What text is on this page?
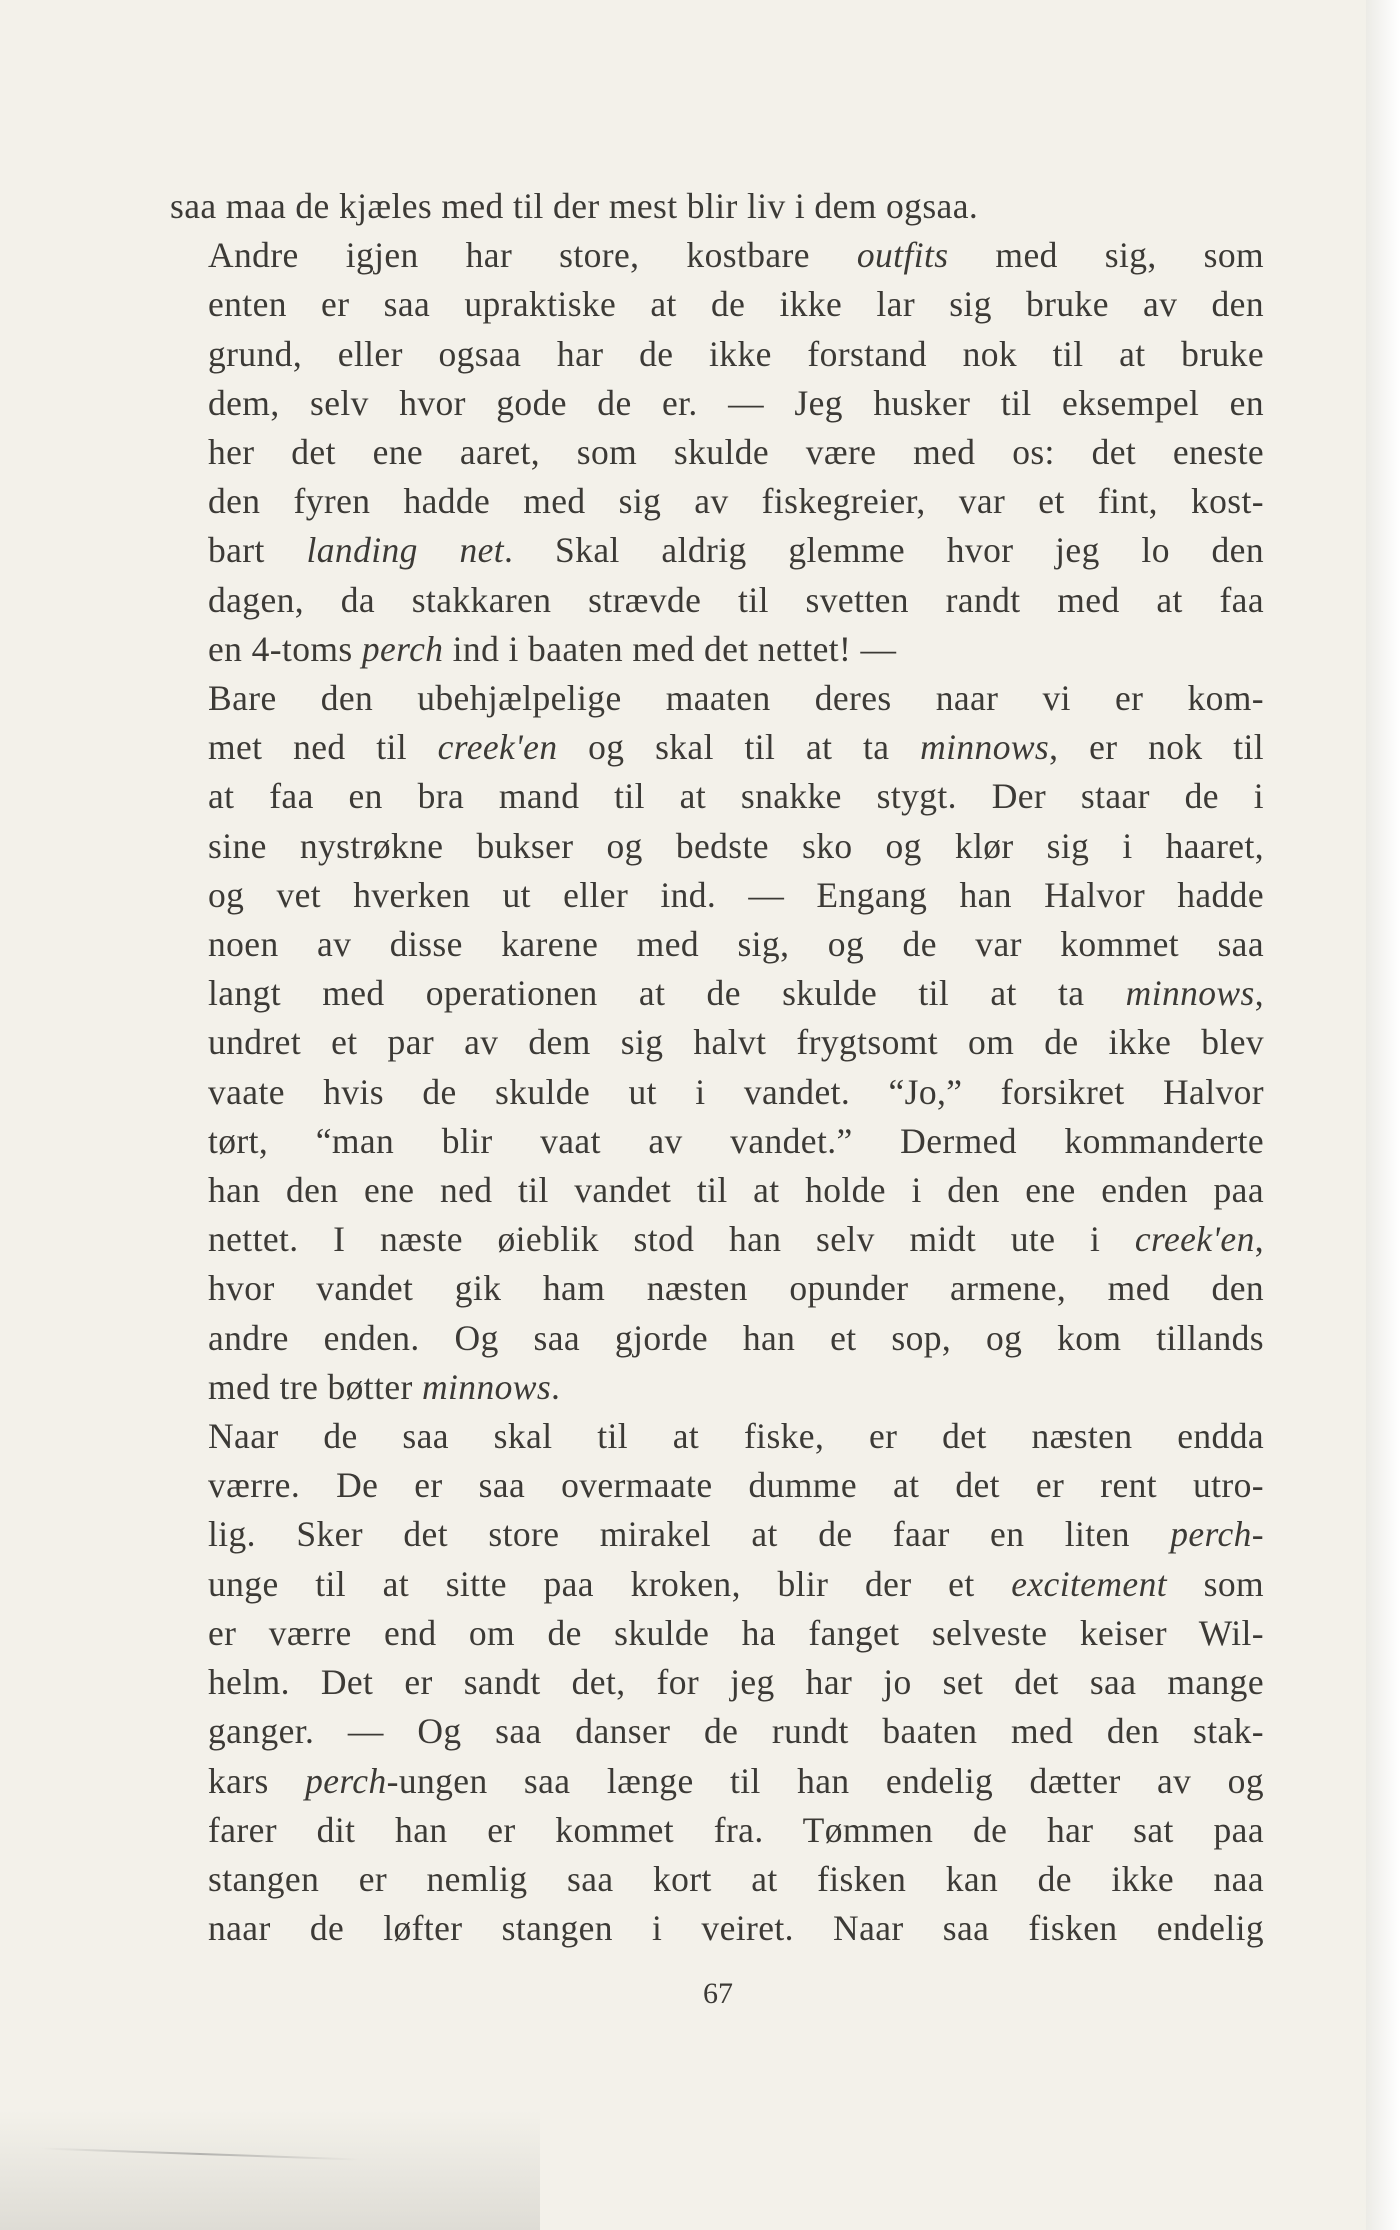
saa maa de kjæles med til der mest blir liv i dem ogsaa.
Andre igjen har store, kostbare outfits med sig, som
enten er saa upraktiske at de ikke lar sig bruke av den
grund, eller ogsaa har de ikke forstand nok til at bruke
dem, selv hvor gode de er. — Jeg husker til eksempel en
her det ene aaret, som skulde være med os: det eneste
den fyren hadde med sig av fiskegreier, var et fint, kost-
bart landing net. Skal aldrig glemme hvor jeg lo den
dagen, da stakkaren strævde til svetten randt med at faa
en 4-toms perch ind i baaten med det nettet! —
Bare den ubehjælpelige maaten deres naar vi er kom-
met ned til creek'en og skal til at ta minnows, er nok til
at faa en bra mand til at snakke stygt. Der staar de i
sine nystrøkne bukser og bedste sko og klør sig i haaret,
og vet hverken ut eller ind. — Engang han Halvor hadde
noen av disse karene med sig, og de var kommet saa
langt med operationen at de skulde til at ta minnows,
undret et par av dem sig halvt frygtsomt om de ikke blev
vaate hvis de skulde ut i vandet. “Jo,” forsikret Halvor
tørt, “man blir vaat av vandet.” Dermed kommanderte
han den ene ned til vandet til at holde i den ene enden paa
nettet. I næste øieblik stod han selv midt ute i creek'en,
hvor vandet gik ham næsten opunder armene, med den
andre enden. Og saa gjorde han et sop, og kom tillands
med tre bøtter minnows.
Naar de saa skal til at fiske, er det næsten endda
værre. De er saa overmaate dumme at det er rent utro-
lig. Sker det store mirakel at de faar en liten perch-
unge til at sitte paa kroken, blir der et excitement som
er værre end om de skulde ha fanget selveste keiser Wil-
helm. Det er sandt det, for jeg har jo set det saa mange
ganger. — Og saa danser de rundt baaten med den stak-
kars perch-ungen saa længe til han endelig dætter av og
farer dit han er kommet fra. Tømmen de har sat paa
stangen er nemlig saa kort at fisken kan de ikke naa
naar de løfter stangen i veiret. Naar saa fisken endelig
67
